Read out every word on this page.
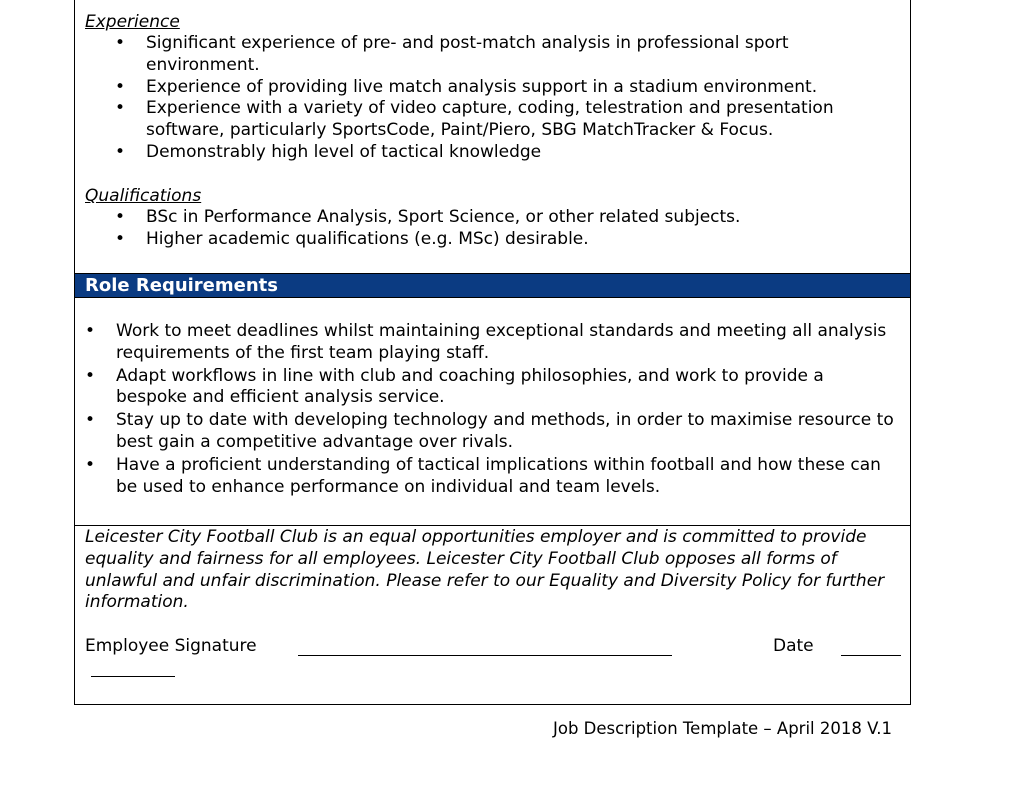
Experience
• Significant experience of pre- and post-match analysis in professional sport environment.
• Experience of providing live match analysis support in a stadium environment.
• Experience with a variety of video capture, coding, telestration and presentation software, particularly SportsCode, Paint/Piero, SBG MatchTracker & Focus.
• Demonstrably high level of tactical knowledge
Qualifications
• BSc in Performance Analysis, Sport Science, or other related subjects.
• Higher academic qualifications (e.g. MSc) desirable.
Role Requirements
• Work to meet deadlines whilst maintaining exceptional standards and meeting all analysis requirements of the first team playing staff.
• Adapt workflows in line with club and coaching philosophies, and work to provide a bespoke and efficient analysis service.
• Stay up to date with developing technology and methods, in order to maximise resource to best gain a competitive advantage over rivals.
• Have a proficient understanding of tactical implications within football and how these can be used to enhance performance on individual and team levels.

Leicester City Football Club is an equal opportunities employer and is committed to provide equality and fairness for all employees. Leicester City Football Club opposes all forms of unlawful and unfair discrimination. Please refer to our Equality and Diversity Policy for further information.

Employee Signature	Date

Job Description Template – April 2018 V.1
